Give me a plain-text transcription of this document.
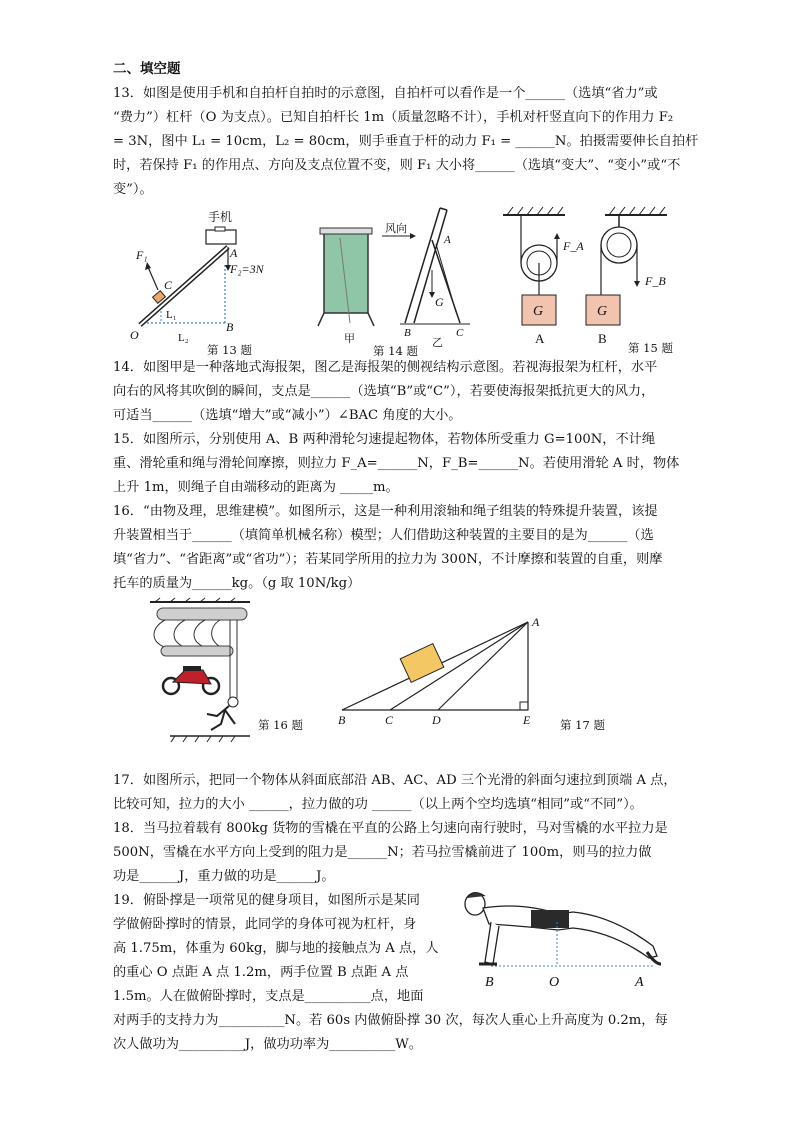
二、填空题
13．如图是使用手机和自拍杆自拍时的示意图，自拍杆可以看作是一个______（选填“省力”或
“费力”）杠杆（O 为支点）。已知自拍杆长 1m（质量忽略不计），手机对杆竖直向下的作用力 F₂
= 3N，图中 L₁ = 10cm，L₂ = 80cm，则手垂直于杆的动力 F₁ = ______N。拍摄需要伸长自拍杆
时，若保持 F₁ 的作用点、方向及支点位置不变，则 F₁ 大小将______（选填“变大”、“变小”或“不
变”）。
手机
A
F₂=3N
F₁
C
O
B
L₁
L₂
第 13 题
风向
A
G
B	C
甲	乙
第 14 题
G	G
F_A
F_B
A	B
第 15 题
14．如图甲是一种落地式海报架，图乙是海报架的侧视结构示意图。若视海报架为杠杆，水平
向右的风将其吹倒的瞬间，支点是______（选填“B”或“C”），若要使海报架抵抗更大的风力，
可适当______（选填“增大”或“减小”）∠BAC 角度的大小。
15．如图所示，分别使用 A、B 两种滑轮匀速提起物体，若物体所受重力 G=100N，不计绳
重、滑轮重和绳与滑轮间摩擦，则拉力 F_A=______N，F_B=______N。若使用滑轮 A 时，物体
上升 1m，则绳子自由端移动的距离为 _____m。
16．“由物及理，思维建模”。如图所示，这是一种利用滚轴和绳子组装的特殊提升装置，该提
升装置相当于______（填简单机械名称）模型；人们借助这种装置的主要目的是为______（选
填“省力”、“省距离”或“省功”）；若某同学所用的拉力为 300N，不计摩擦和装置的自重，则摩
托车的质量为______kg。（g 取 10N/kg）
第 16 题
A
B	C	D	E	第 17 题
17．如图所示，把同一个物体从斜面底部沿 AB、AC、AD 三个光滑的斜面匀速拉到顶端 A 点，
比较可知，拉力的大小 ______，拉力做的功 ______（以上两个空均选填“相同”或“不同”）。
18．当马拉着载有 800kg 货物的雪橇在平直的公路上匀速向南行驶时，马对雪橇的水平拉力是
500N，雪橇在水平方向上受到的阻力是______N；若马拉雪橇前进了 100m，则马的拉力做
功是______J，重力做的功是______J。
19．俯卧撑是一项常见的健身项目，如图所示是某同
学做俯卧撑时的情景，此同学的身体可视为杠杆，身
高 1.75m，体重为 60kg，脚与地的接触点为 A 点，人
的重心 O 点距 A 点 1.2m，两手位置 B 点距 A 点
1.5m。人在做俯卧撑时，支点是__________点，地面
对两手的支持力为__________N。若 60s 内做俯卧撑 30 次，每次人重心上升高度为 0.2m，每
次人做功为__________J，做功功率为__________W。
B	O	A
